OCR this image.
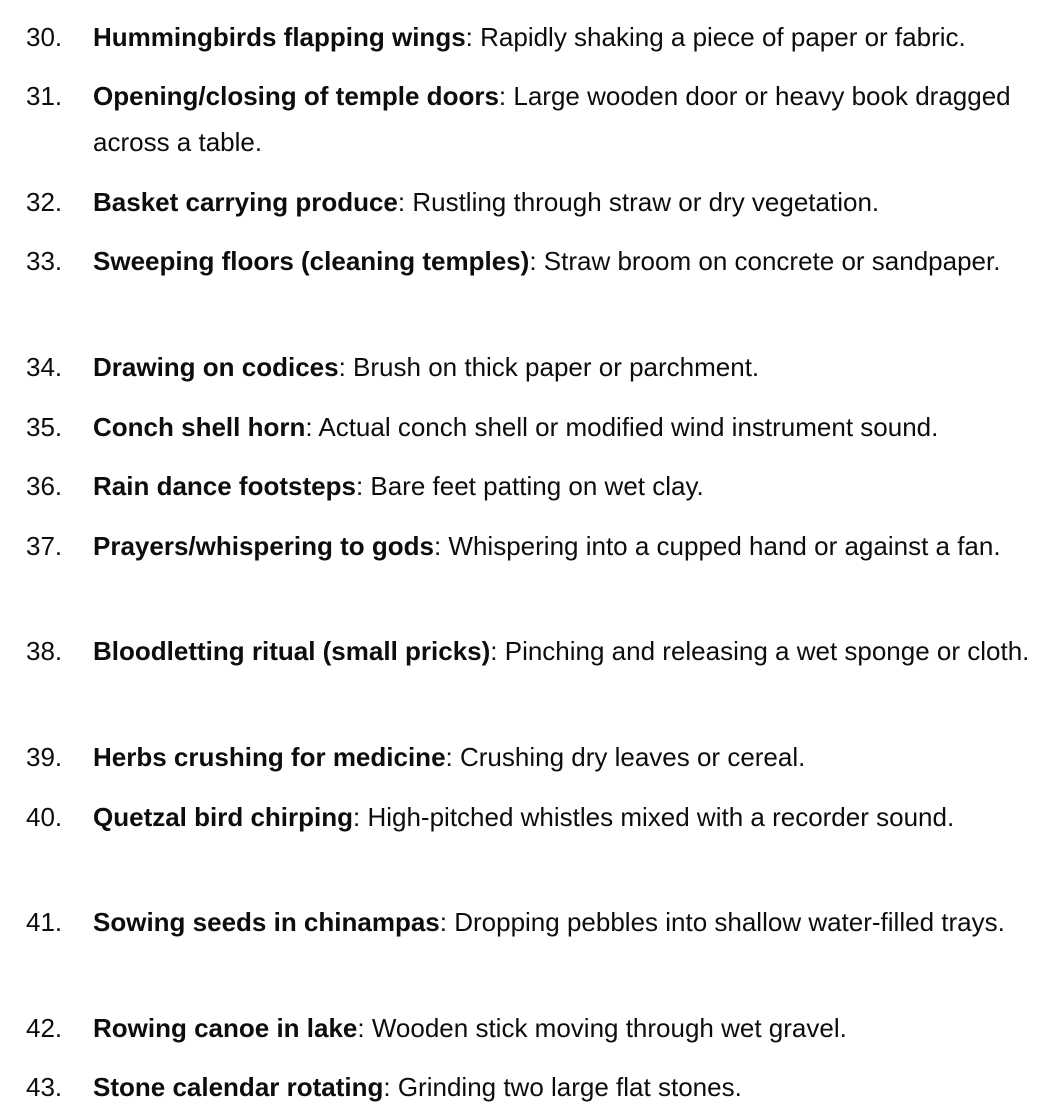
30.	Hummingbirds flapping wings: Rapidly shaking a piece of paper or fabric.
31.	Opening/closing of temple doors: Large wooden door or heavy book dragged across a table.
32.	Basket carrying produce: Rustling through straw or dry vegetation.
33.	Sweeping floors (cleaning temples): Straw broom on concrete or sandpaper.
34.	Drawing on codices: Brush on thick paper or parchment.
35.	Conch shell horn: Actual conch shell or modified wind instrument sound.
36.	Rain dance footsteps: Bare feet patting on wet clay.
37.	Prayers/whispering to gods: Whispering into a cupped hand or against a fan.
38.	Bloodletting ritual (small pricks): Pinching and releasing a wet sponge or cloth.
39.	Herbs crushing for medicine: Crushing dry leaves or cereal.
40.	Quetzal bird chirping: High-pitched whistles mixed with a recorder sound.
41.	Sowing seeds in chinampas: Dropping pebbles into shallow water-filled trays.
42.	Rowing canoe in lake: Wooden stick moving through wet gravel.
43.	Stone calendar rotating: Grinding two large flat stones.
